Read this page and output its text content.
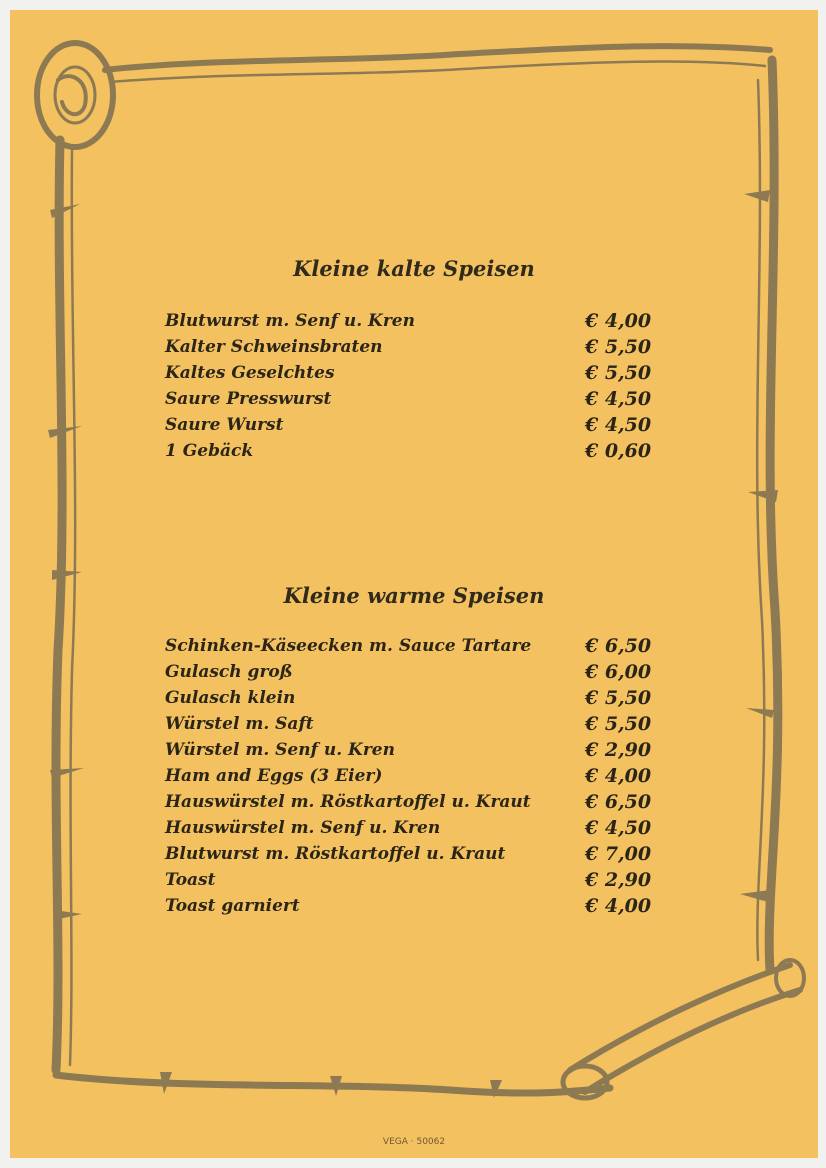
Kleine kalte Speisen
Blutwurst m. Senf u. Kren	€ 4,00
Kalter Schweinsbraten	€ 5,50
Kaltes Geselchtes	€ 5,50
Saure Presswurst	€ 4,50
Saure Wurst	€ 4,50
1 Gebäck	€ 0,60
Kleine warme Speisen
Schinken-Käseecken m. Sauce Tartare	€ 6,50
Gulasch groß	€ 6,00
Gulasch klein	€ 5,50
Würstel m. Saft	€ 5,50
Würstel m. Senf u. Kren	€ 2,90
Ham and Eggs (3 Eier)	€ 4,00
Hauswürstel m. Röstkartoffel u. Kraut	€ 6,50
Hauswürstel m. Senf u. Kren	€ 4,50
Blutwurst m. Röstkartoffel u. Kraut	€ 7,00
Toast	€ 2,90
Toast garniert	€ 4,00
VEGA · 50062
